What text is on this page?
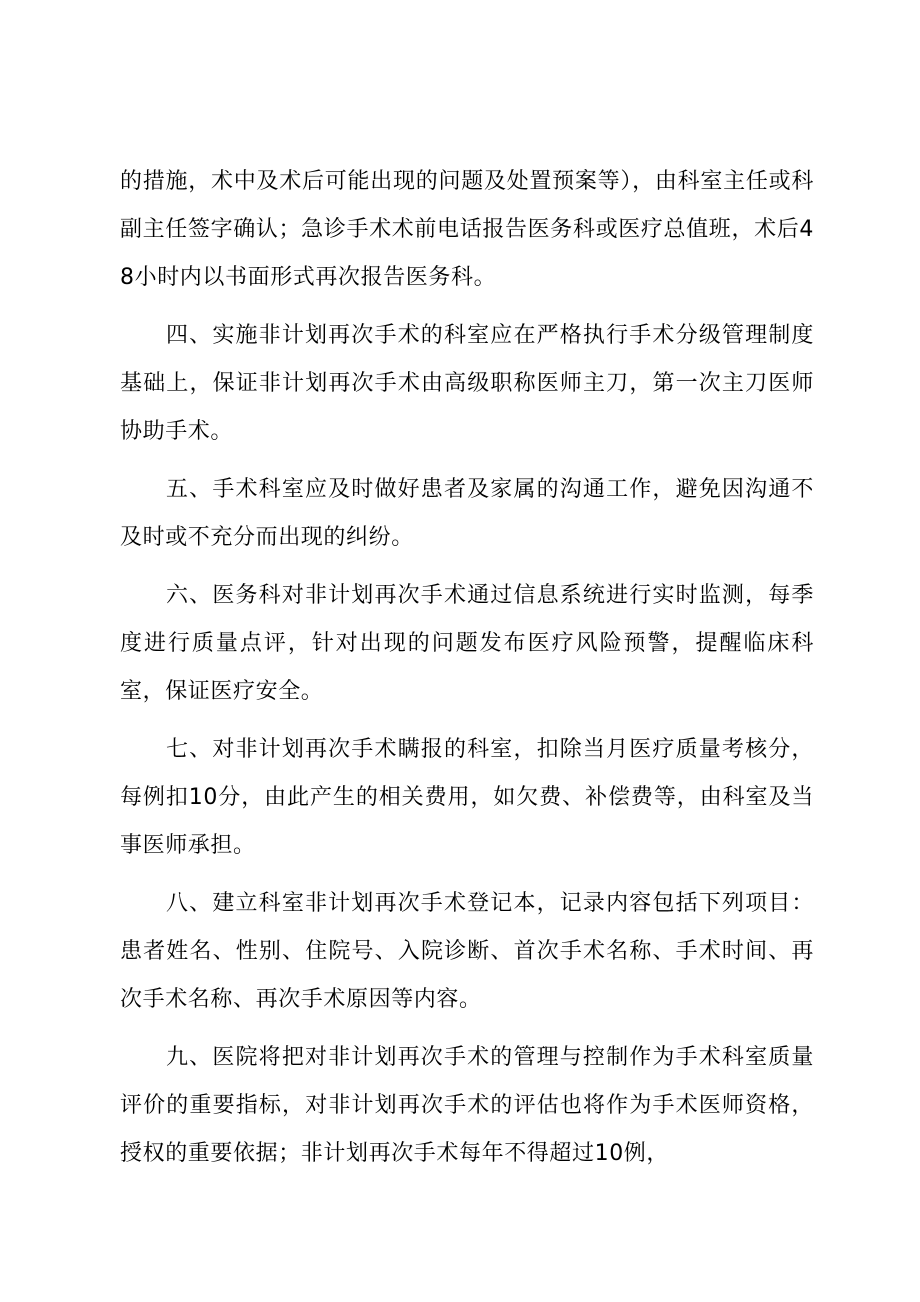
的措施，术中及术后可能出现的问题及处置预案等），由科室主任或科副主任签字确认；急诊手术术前电话报告医务科或医疗总值班，术后48小时内以书面形式再次报告医务科。

四、实施非计划再次手术的科室应在严格执行手术分级管理制度基础上，保证非计划再次手术由高级职称医师主刀，第一次主刀医师协助手术。

五、手术科室应及时做好患者及家属的沟通工作，避免因沟通不及时或不充分而出现的纠纷。

六、医务科对非计划再次手术通过信息系统进行实时监测，每季度进行质量点评，针对出现的问题发布医疗风险预警，提醒临床科室，保证医疗安全。

七、对非计划再次手术瞒报的科室，扣除当月医疗质量考核分，每例扣10分，由此产生的相关费用，如欠费、补偿费等，由科室及当事医师承担。

八、建立科室非计划再次手术登记本，记录内容包括下列项目：患者姓名、性别、住院号、入院诊断、首次手术名称、手术时间、再次手术名称、再次手术原因等内容。

九、医院将把对非计划再次手术的管理与控制作为手术科室质量评价的重要指标，对非计划再次手术的评估也将作为手术医师资格，授权的重要依据；非计划再次手术每年不得超过10例，
